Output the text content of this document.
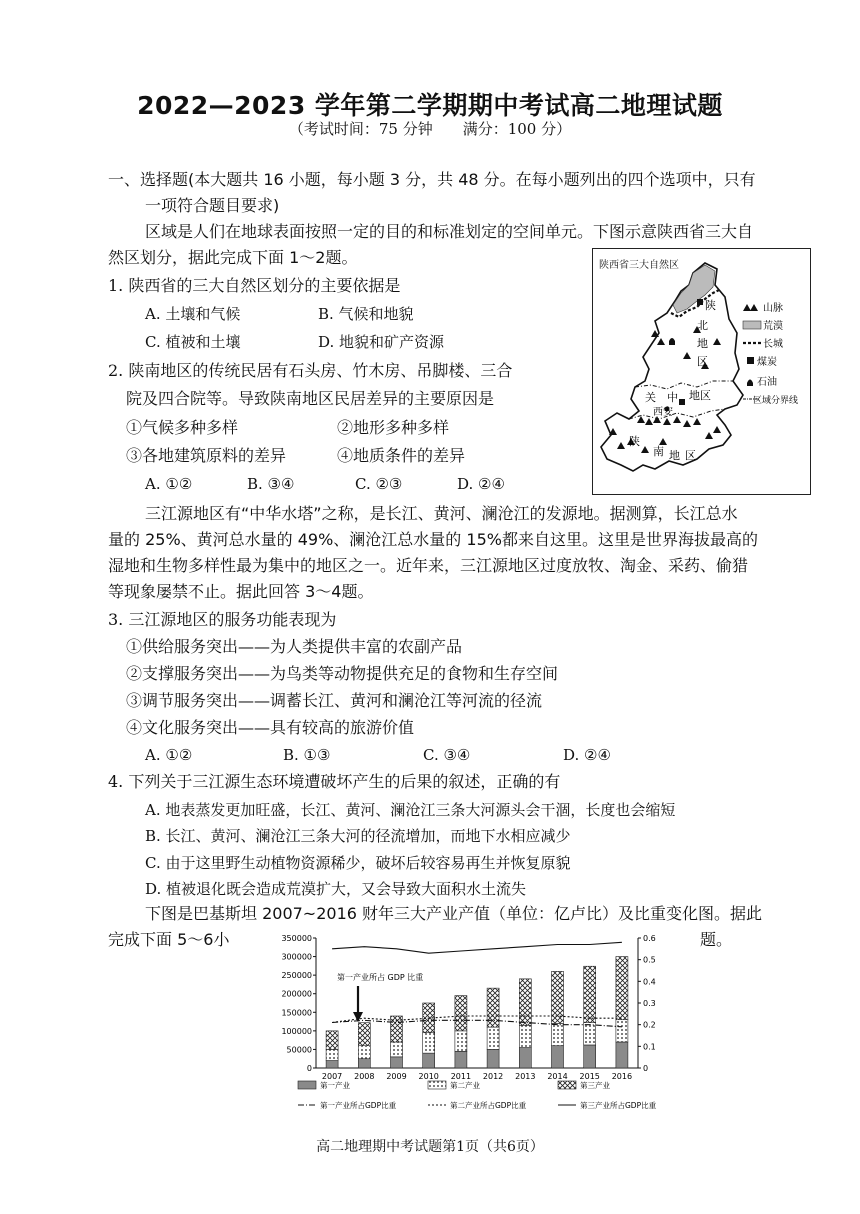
2022—2023 学年第二学期期中考试高二地理试题
（考试时间：75 分钟　　满分：100 分）
一、选择题(本大题共 16 小题，每小题 3 分，共 48 分。在每小题列出的四个选项中，只有
一项符合题目要求)
区域是人们在地球表面按照一定的目的和标准划定的空间单元。下图示意陕西省三大自
然区划分，据此完成下面 1～2题。
1. 陕西省的三大自然区划分的主要依据是
A. 土壤和气候	B. 气候和地貌
C. 植被和土壤	D. 地貌和矿产资源
2. 陕南地区的传统民居有石头房、竹木房、吊脚楼、三合
院及四合院等。导致陕南地区民居差异的主要原因是
①气候多种多样	②地形多种多样
③各地建筑原料的差异	④地质条件的差异
A. ①②	B. ③④	C. ②③	D. ②④
陕西省三大自然区
陕
北
地
区
关 中 地区
西安
陕
南 地 区
山脉
荒漠
长城
煤炭
石油
区域分界线
三江源地区有“中华水塔”之称，是长江、黄河、澜沧江的发源地。据测算，长江总水
量的 25%、黄河总水量的 49%、澜沧江总水量的 15%都来自这里。这里是世界海拔最高的
湿地和生物多样性最为集中的地区之一。近年来，三江源地区过度放牧、淘金、采药、偷猎
等现象屡禁不止。据此回答 3～4题。
3. 三江源地区的服务功能表现为
①供给服务突出——为人类提供丰富的农副产品
②支撑服务突出——为鸟类等动物提供充足的食物和生存空间
③调节服务突出——调蓄长江、黄河和澜沧江等河流的径流
④文化服务突出——具有较高的旅游价值
A. ①②	B. ①③	C. ③④	D. ②④
4. 下列关于三江源生态环境遭破坏产生的后果的叙述，正确的有
A. 地表蒸发更加旺盛，长江、黄河、澜沧江三条大河源头会干涸，长度也会缩短
B. 长江、黄河、澜沧江三条大河的径流增加，而地下水相应减少
C. 由于这里野生动植物资源稀少，破坏后较容易再生并恢复原貌
D. 植被退化既会造成荒漠扩大，又会导致大面积水土流失
下图是巴基斯坦 2007~2016 财年三大产业产值（单位：亿卢比）及比重变化图。据此
完成下面 5～6小	题。
0
50000
100000
150000
200000
250000
300000
350000
0
0.1
0.2
0.3
0.4
0.5
0.6
2007 2008 2009 2010 2011 2012 2013 2014 2015 2016
第一产业所占 GDP 比重
第一产业	第二产业	第三产业
第一产业所占GDP比重	第二产业所占GDP比重	第三产业所占GDP比重
高二地理期中考试题第1页（共6页）
